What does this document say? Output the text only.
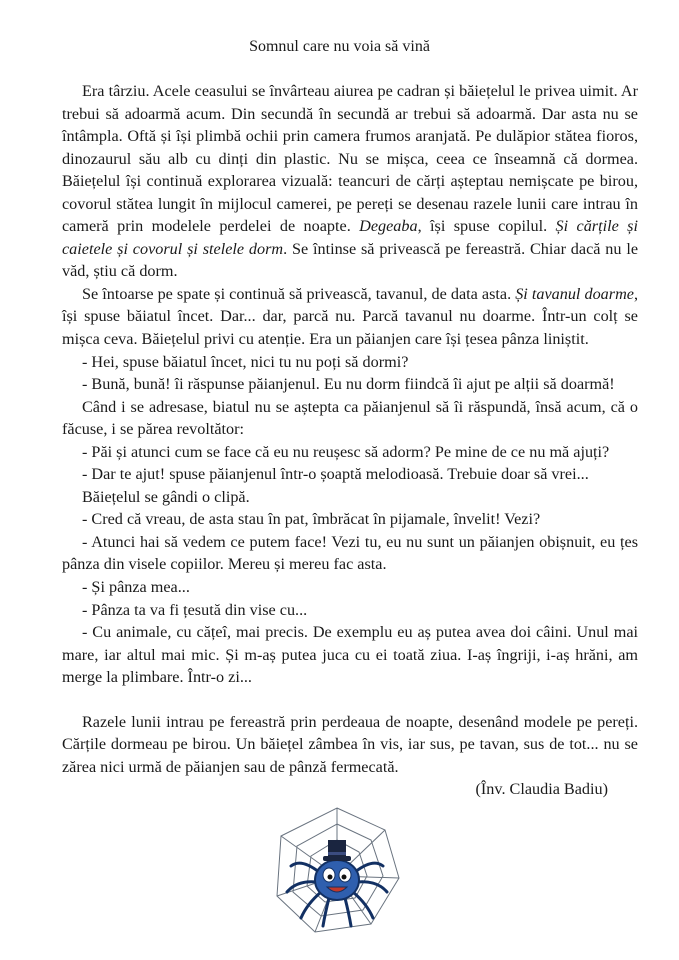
Somnul care nu voia să vină

Era târziu. Acele ceasului se învârteau aiurea pe cadran și băiețelul le privea uimit. Ar trebui să adoarmă acum. Din secundă în secundă ar trebui să adoarmă. Dar asta nu se întâmpla. Oftă și își plimbă ochii prin camera frumos aranjată. Pe dulăpior stătea fioros, dinozaurul său alb cu dinți din plastic. Nu se mișca, ceea ce înseamnă că dormea. Băiețelul își continuă explorarea vizuală: teancuri de cărți așteptau nemișcate pe birou, covorul stătea lungit în mijlocul camerei, pe pereți se desenau razele lunii care intrau în cameră prin modelele perdelei de noapte. Degeaba, își spuse copilul. Și cărțile și caietele și covorul și stelele dorm. Se întinse să privească pe fereastră. Chiar dacă nu le văd, știu că dorm.

Se întoarse pe spate și continuă să privească, tavanul, de data asta. Și tavanul doarme, își spuse băiatul încet. Dar... dar, parcă nu. Parcă tavanul nu doarme. Într-un colț se mișca ceva. Băiețelul privi cu atenție. Era un păianjen care își țesea pânza liniștit.

- Hei, spuse băiatul încet, nici tu nu poți să dormi?

- Bună, bună! îi răspunse păianjenul. Eu nu dorm fiindcă îi ajut pe alții să doarmă!

Când i se adresase, biatul nu se aștepta ca păianjenul să îi răspundă, însă acum, că o făcuse, i se părea revoltător:

- Păi și atunci cum se face că eu nu reușesc să adorm? Pe mine de ce nu mă ajuți?

- Dar te ajut! spuse păianjenul într-o șoaptă melodioasă. Trebuie doar să vrei...

Băiețelul se gândi o clipă.

- Cred că vreau, de asta stau în pat, îmbrăcat în pijamale, învelit! Vezi?

- Atunci hai să vedem ce putem face! Vezi tu, eu nu sunt un păianjen obișnuit, eu țes pânza din visele copiilor. Mereu și mereu fac asta.

- Și pânza mea...

- Pânza ta va fi țesută din vise cu...

- Cu animale, cu cățeî, mai precis. De exemplu eu aș putea avea doi câini. Unul mai mare, iar altul mai mic. Și m-aș putea juca cu ei toată ziua. I-aș îngriji, i-aș hrăni, am merge la plimbare. Într-o zi...

Razele lunii intrau pe fereastră prin perdeaua de noapte, desenând modele pe pereți. Cărțile dormeau pe birou. Un băiețel zâmbea în vis, iar sus, pe tavan, sus de tot... nu se zărea nici urmă de păianjen sau de pânză fermecată.

(Înv. Claudia Badiu)
